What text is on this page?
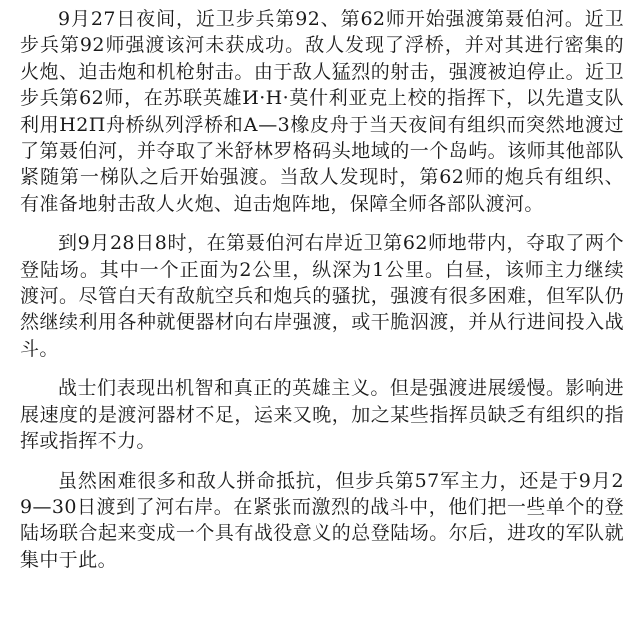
9月27日夜间，近卫步兵第92、第62师开始强渡第聂伯河。近卫步兵第92师强渡该河未获成功。敌人发现了浮桥，并对其进行密集的火炮、迫击炮和机枪射击。由于敌人猛烈的射击，强渡被迫停止。近卫步兵第62师，在苏联英雄И·Н·莫什利亚克上校的指挥下，以先遣支队利用Н2П舟桥纵列浮桥和А—3橡皮舟于当天夜间有组织而突然地渡过了第聂伯河，并夺取了米舒林罗格码头地域的一个岛屿。该师其他部队紧随第一梯队之后开始强渡。当敌人发现时，第62师的炮兵有组织、有准备地射击敌人火炮、迫击炮阵地，保障全师各部队渡河。

到9月28日8时，在第聂伯河右岸近卫第62师地带内，夺取了两个登陆场。其中一个正面为2公里，纵深为1公里。白昼，该师主力继续渡河。尽管白天有敌航空兵和炮兵的骚扰，强渡有很多困难，但军队仍然继续利用各种就便器材向右岸强渡，或干脆泅渡，并从行进间投入战斗。

战士们表现出机智和真正的英雄主义。但是强渡进展缓慢。影响进展速度的是渡河器材不足，运来又晚，加之某些指挥员缺乏有组织的指挥或指挥不力。

虽然困难很多和敌人拼命抵抗，但步兵第57军主力，还是于9月29—30日渡到了河右岸。在紧张而激烈的战斗中，他们把一些单个的登陆场联合起来变成一个具有战役意义的总登陆场。尔后，进攻的军队就集中于此。
